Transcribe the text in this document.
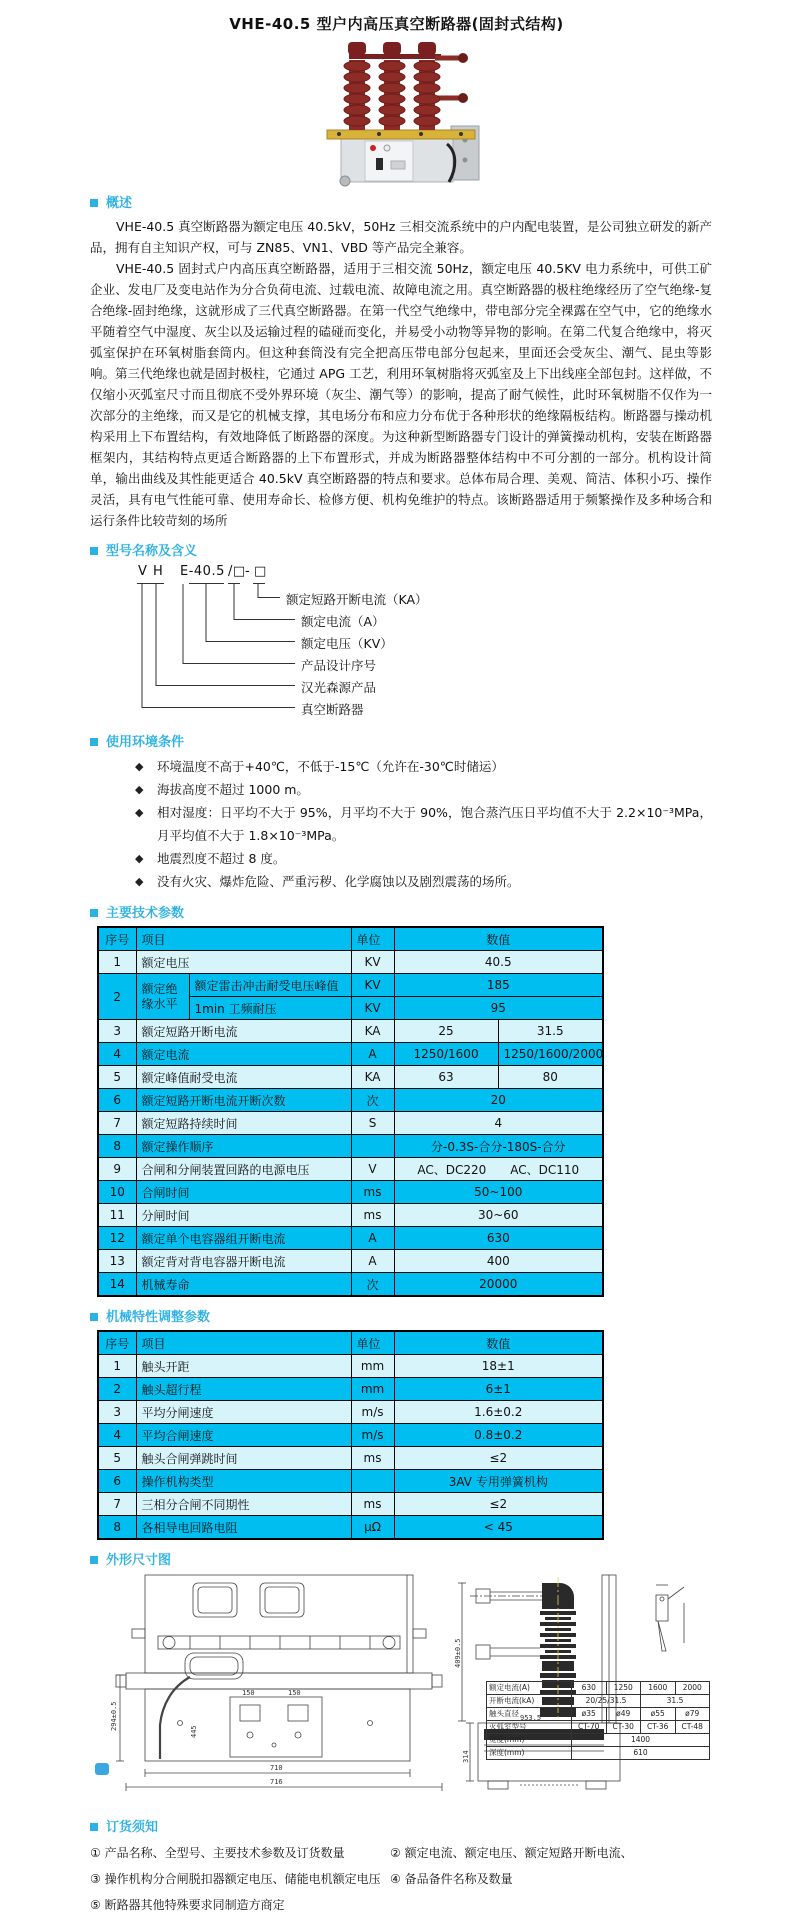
VHE-40.5 型户内高压真空断路器(固封式结构)
概述

VHE-40.5 真空断路器为额定电压 40.5kV，50Hz 三相交流系统中的户内配电装置，是公司独立研发的新产品，拥有自主知识产权，可与 ZN85、VN1、VBD 等产品完全兼容。

VHE-40.5 固封式户内高压真空断路器，适用于三相交流 50Hz，额定电压 40.5KV 电力系统中，可供工矿企业、发电厂及变电站作为分合负荷电流、过载电流、故障电流之用。真空断路器的极柱绝缘经历了空气绝缘-复合绝缘-固封绝缘，这就形成了三代真空断路器。在第一代空气绝缘中，带电部分完全裸露在空气中，它的绝缘水平随着空气中湿度、灰尘以及运输过程的磕碰而变化，并易受小动物等异物的影响。在第二代复合绝缘中，将灭弧室保护在环氧树脂套筒内。但这种套筒没有完全把高压带电部分包起来，里面还会受灰尘、潮气、昆虫等影响。第三代绝缘也就是固封极柱，它通过 APG 工艺，利用环氧树脂将灭弧室及上下出线座全部包封。这样做，不仅缩小灭弧室尺寸而且彻底不受外界环境（灰尘、潮气等）的影响，提高了耐气候性，此时环氧树脂不仅作为一次部分的主绝缘，而又是它的机械支撑，其电场分布和应力分布优于各种形状的绝缘隔板结构。断路器与操动机构采用上下布置结构，有效地降低了断路器的深度。为这种新型断路器专门设计的弹簧操动机构，安装在断路器框架内，其结构特点更适合断路器的上下布置形式，并成为断路器整体结构中不可分割的一部分。机构设计简单，输出曲线及其性能更适合 40.5kV 真空断路器的特点和要求。总体布局合理、美观、简洁、体积小巧、操作灵活，具有电气性能可靠、使用寿命长、检修方便、机构免维护的特点。该断路器适用于频繁操作及多种场合和运行条件比较苛刻的场所

型号名称及含义
V H E-40.5 /□ - □
额定短路开断电流（KA）
额定电流（A）
额定电压（KV）
产品设计序号
汉光森源产品
真空断路器
使用环境条件
◆ 环境温度不高于+40℃，不低于-15℃（允许在-30℃时储运）
◆ 海拔高度不超过 1000 m。
◆ 相对湿度：日平均不大于 95%，月平均不大于 90%，饱合蒸汽压日平均值不大于 2.2×10⁻³MPa，月平均值不大于 1.8×10⁻³MPa。
◆ 地震烈度不超过 8 度。
◆ 没有火灾、爆炸危险、严重污秽、化学腐蚀以及剧烈震荡的场所。
主要技术参数
序号	项目		单位	数值	
1	额定电压		KV	40.5	
2	额定绝缘水平	额定雷击冲击耐受电压峰值	KV	185	
		1min 工频耐压	KV	95	
3	额定短路开断电流		KA	25	31.5
4	额定电流		A	1250/1600	1250/1600/2000
5	额定峰值耐受电流		KA	63	80
6	额定短路开断电流开断次数		次	20	
7	额定短路持续时间		S	4	
8	额定操作顺序			分-0.3S-合分-180S-合分	
9	合闸和分闸装置回路的电源电压		V	AC、DC220　　AC、DC110	
10	合闸时间		ms	50~100	
11	分闸时间		ms	30~60	
12	额定单个电容器组开断电流		A	630	
13	额定背对背电容器开断电流		A	400	
14	机械寿命		次	20000	
机械特性调整参数
序号	项目	单位	数值
1	触头开距	mm	18±1
2	触头超行程	mm	6±1
3	平均分闸速度	m/s	1.6±0.2
4	平均合闸速度	m/s	0.8±0.2
5	触头合闸弹跳时间	ms	≤2
6	操作机构类型		3AV 专用弹簧机构
7	三相分合闸不同期性	ms	≤2
8	各相导电回路电阻	μΩ	< 45
外形尺寸图
150	150
710
716
294±0.5
445
953.5
314
409±0.5
额定电流(A)	630	1250	1600	2000
开断电流(kA)	20/25/31.5		31.5	
触头直径	ø35	ø49	ø55	ø79
灭弧室型号	CT-70	CT-30	CT-36	CT-48
宽度(mm)	1400			
深度(mm)	610			
订货须知
① 产品名称、全型号、主要技术参数及订货数量	② 额定电流、额定电压、额定短路开断电流、
③ 操作机构分合闸脱扣器额定电压、储能电机额定电压 ④ 备品备件名称及数量
⑤ 断路器其他特殊要求同制造方商定
